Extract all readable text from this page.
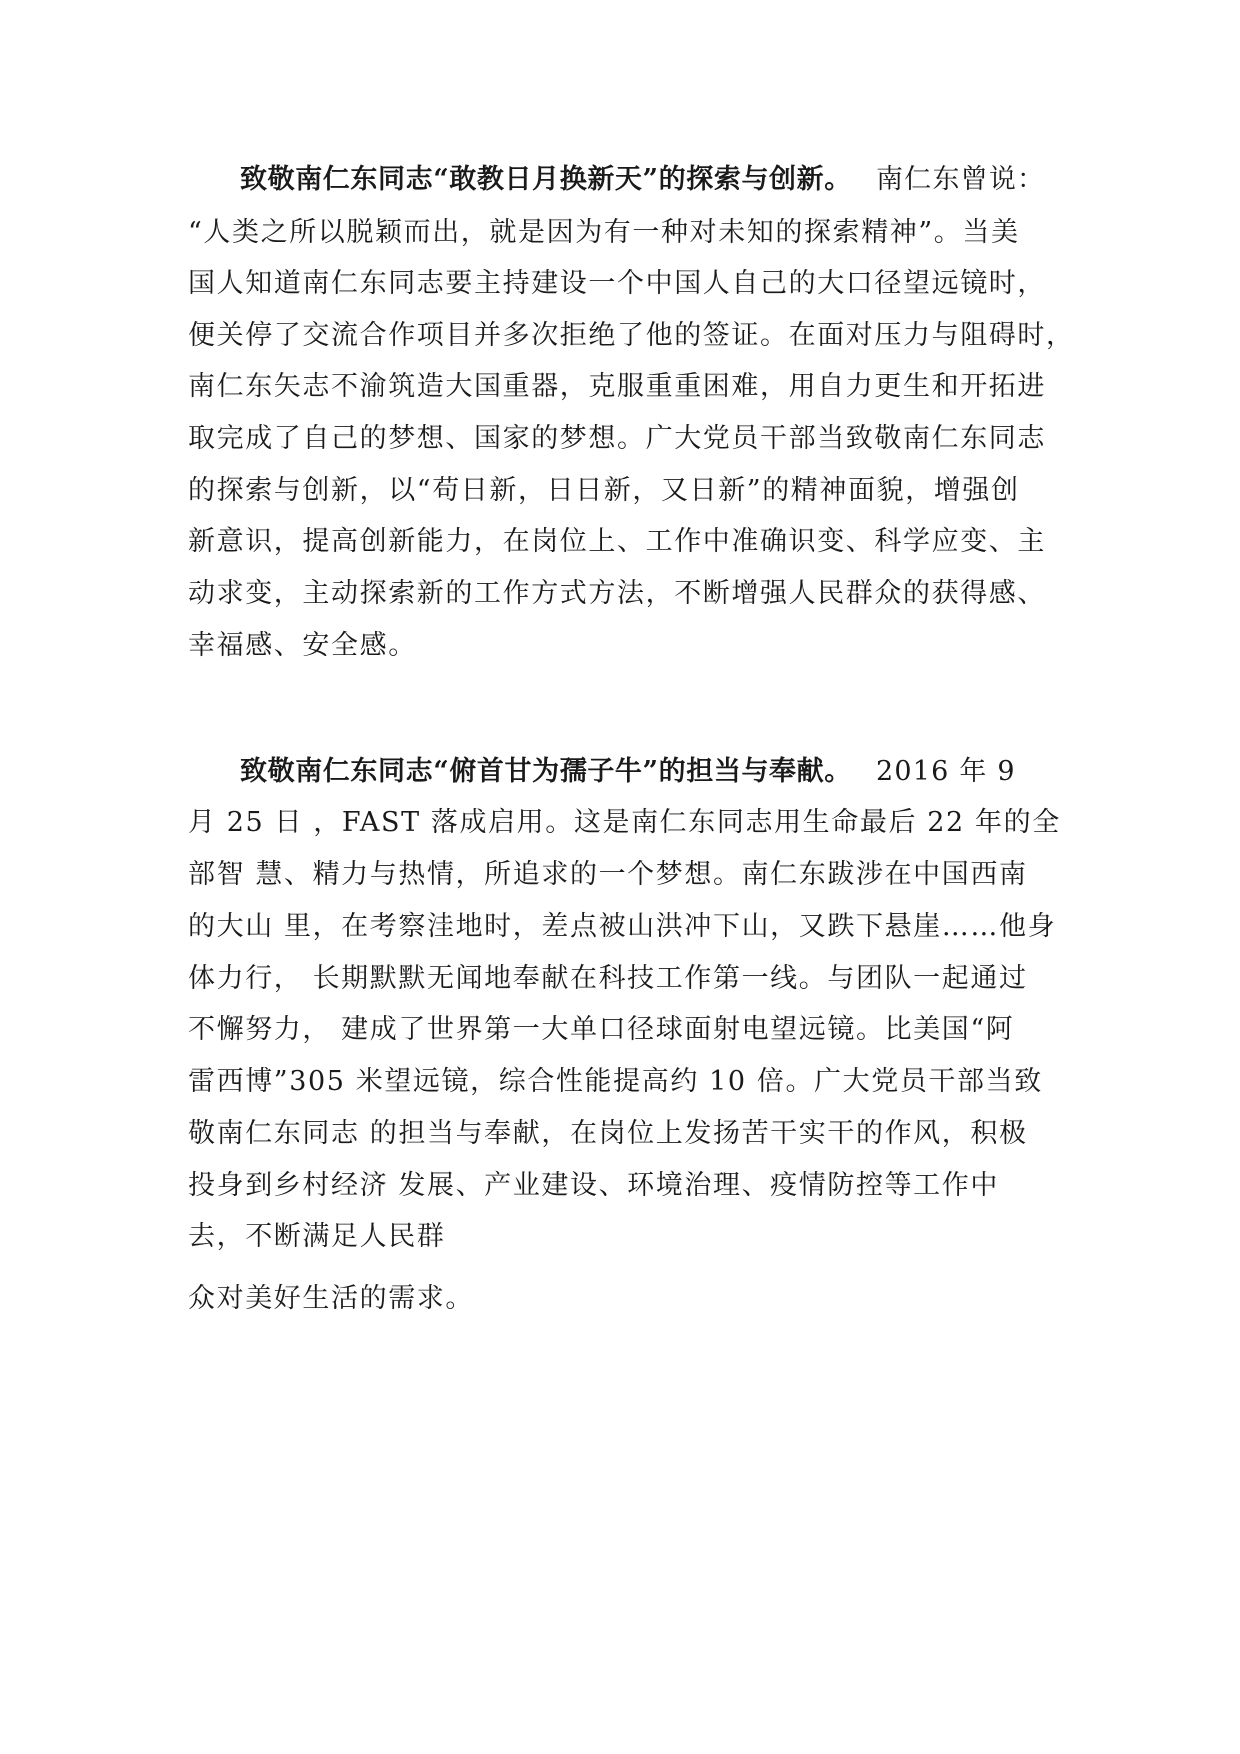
致敬南仁东同志“敢教日月换新天”的探索与创新。 南仁东曾说：
“人类之所以脱颖而出，就是因为有一种对未知的探索精神”。当美
国人知道南仁东同志要主持建设一个中国人自己的大口径望远镜时，
便关停了交流合作项目并多次拒绝了他的签证。在面对压力与阻碍时，
南仁东矢志不渝筑造大国重器，克服重重困难，用自力更生和开拓进
取完成了自己的梦想、国家的梦想。广大党员干部当致敬南仁东同志
的探索与创新，以“苟日新，日日新，又日新”的精神面貌，增强创
新意识，提高创新能力，在岗位上、工作中准确识变、科学应变、主
动求变，主动探索新的工作方式方法，不断增强人民群众的获得感、
幸福感、安全感。
致敬南仁东同志“俯首甘为孺子牛”的担当与奉献。 2016 年 9
月 25 日 ，FAST 落成启用。这是南仁东同志用生命最后 22 年的全
部智 慧、精力与热情，所追求的一个梦想。南仁东跋涉在中国西南
的大山 里，在考察洼地时，差点被山洪冲下山，又跌下悬崖……他身
体力行， 长期默默无闻地奉献在科技工作第一线。与团队一起通过
不懈努力， 建成了世界第一大单口径球面射电望远镜。比美国“阿
雷西博”305 米望远镜，综合性能提高约 10 倍。广大党员干部当致
敬南仁东同志 的担当与奉献，在岗位上发扬苦干实干的作风，积极
投身到乡村经济 发展、产业建设、环境治理、疫情防控等工作中
去，不断满足人民群
众对美好生活的需求。
